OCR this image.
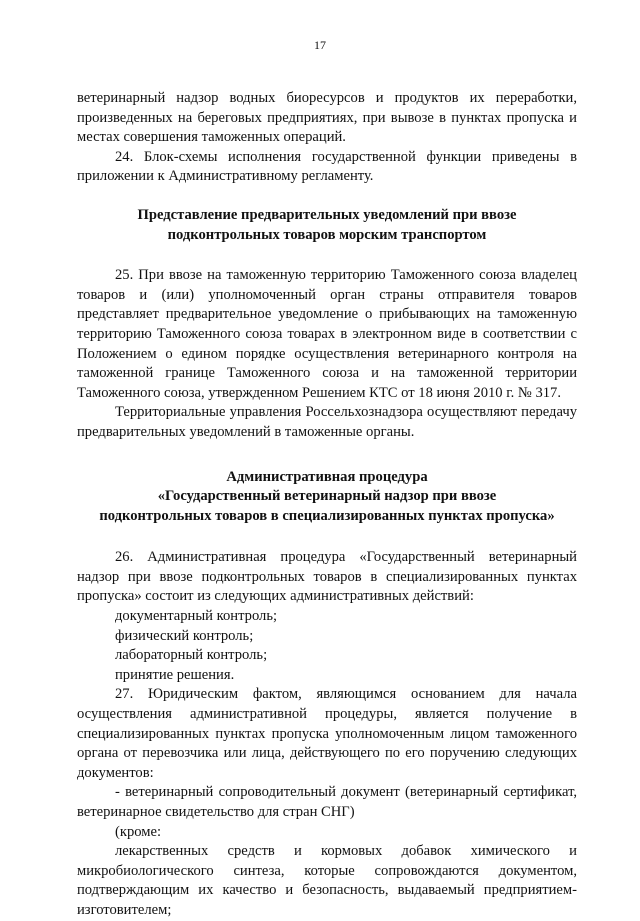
17

ветеринарный надзор водных биоресурсов и продуктов их переработки, произведенных на береговых предприятиях, при вывозе в пунктах пропуска и местах совершения таможенных операций.

24. Блок-схемы исполнения государственной функции приведены в приложении к Административному регламенту.

Представление предварительных уведомлений при ввозе

подконтрольных товаров морским транспортом

25. При ввозе на таможенную территорию Таможенного союза владелец товаров и (или) уполномоченный орган страны отправителя товаров представляет предварительное уведомление о прибывающих на таможенную территорию Таможенного союза товарах в электронном виде в соответствии с Положением о едином порядке осуществления ветеринарного контроля на таможенной границе Таможенного союза и на таможенной территории Таможенного союза, утвержденном Решением КТС от 18 июня 2010 г. № 317.

Территориальные управления Россельхознадзора осуществляют передачу предварительных уведомлений в таможенные органы.

Административная процедура

«Государственный ветеринарный надзор при ввозе

подконтрольных товаров в специализированных пунктах пропуска»

26. Административная процедура «Государственный ветеринарный надзор при ввозе подконтрольных товаров в специализированных пунктах пропуска» состоит из следующих административных действий:

документарный контроль;

физический контроль;

лабораторный контроль;

принятие решения.

27. Юридическим фактом, являющимся основанием для начала осуществления административной процедуры, является получение в специализированных пунктах пропуска уполномоченным лицом таможенного органа от перевозчика или лица, действующего по его поручению следующих документов:

- ветеринарный сопроводительный документ (ветеринарный сертификат, ветеринарное свидетельство для стран СНГ)

(кроме:

лекарственных средств и кормовых добавок химического и микробиологического синтеза, которые сопровождаются документом, подтверждающим их качество и безопасность, выдаваемый предприятием-изготовителем;
